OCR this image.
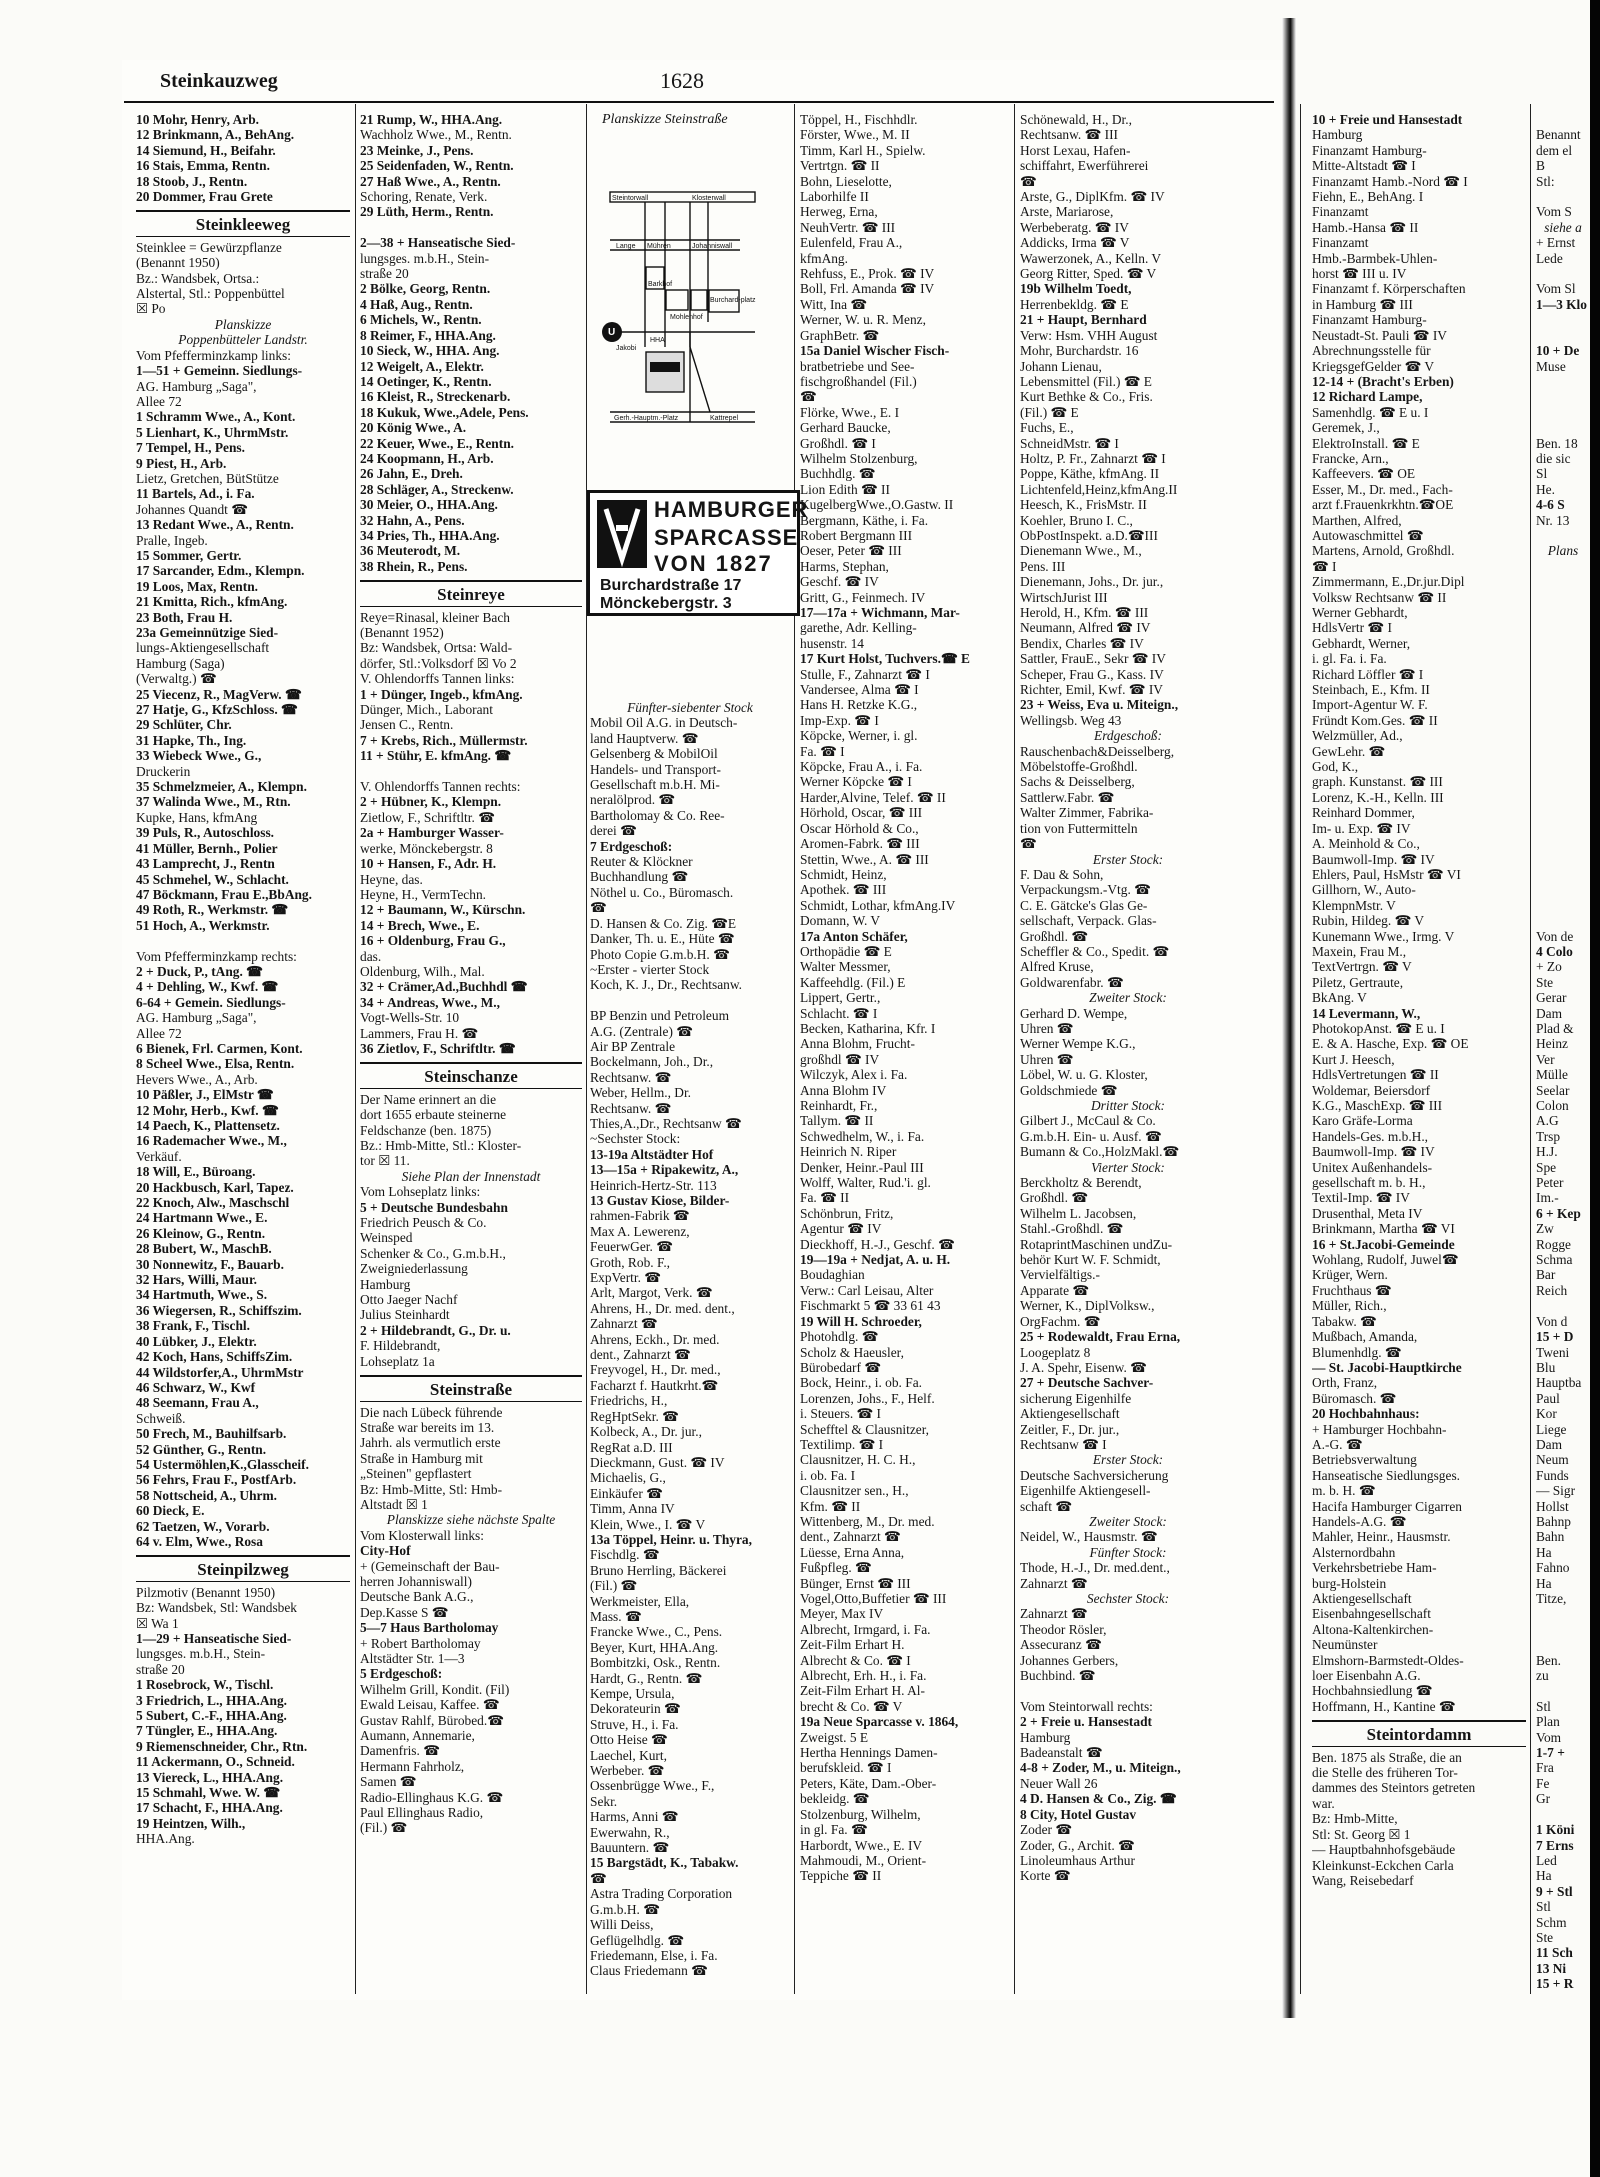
Steinkauzweg	1628
10 Mohr, Henry, Arb.
12 Brinkmann, A., BehAng.
14 Siemund, H., Beifahr.
16 Stais, Emma, Rentn.
18 Stoob, J., Rentn.
20 Dommer, Frau Grete
Steinkleeweg
Steinklee = Gewürzpflanze
(Benannt 1950)
Bz.: Wandsbek, Ortsa.:
Alstertal, Stl.: Poppenbüttel
☒ Po
Planskizze
Poppenbütteler Landstr.
Vom Pfefferminzkamp links:
1—51 + Gemeinn. Siedlungs-
AG. Hamburg „Saga",
Allee 72
1 Schramm Wwe., A., Kont.
5 Lienhart, K., UhrmMstr.
7 Tempel, H., Pens.
9 Piest, H., Arb.
Lietz, Gretchen, BütStütze
11 Bartels, Ad., i. Fa.
Johannes Quandt ☎
13 Redant Wwe., A., Rentn.
Pralle, Ingeb.
15 Sommer, Gertr.
17 Sarcander, Edm., Klempn.
19 Loos, Max, Rentn.
21 Kmitta, Rich., kfmAng.
23 Both, Frau H.
23a Gemeinnützige Sied-
lungs-Aktiengesellschaft
Hamburg (Saga)
(Verwaltg.) ☎
25 Viecenz, R., MagVerw. ☎
27 Hatje, G., KfzSchloss. ☎
29 Schlüter, Chr.
31 Hapke, Th., Ing.
33 Wiebeck Wwe., G.,
Druckerin
35 Schmelzmeier, A., Klempn.
37 Walinda Wwe., M., Rtn.
Kupke, Hans, kfmAng
39 Puls, R., Autoschloss.
41 Müller, Bernh., Polier
43 Lamprecht, J., Rentn
45 Schmehel, W., Schlacht.
47 Böckmann, Frau E.,BbAng.
49 Roth, R., Werkmstr. ☎
51 Hoch, A., Werkmstr.

Vom Pfefferminzkamp rechts:
2 + Duck, P., tAng. ☎
4 + Dehling, W., Kwf. ☎
6-64 + Gemein. Siedlungs-
AG. Hamburg „Saga",
Allee 72
6 Bienek, Frl. Carmen, Kont.
8 Scheel Wwe., Elsa, Rentn.
Hevers Wwe., A., Arb.
10 Päßler, J., ElMstr ☎
12 Mohr, Herb., Kwf. ☎
14 Paech, K., Plattensetz.
16 Rademacher Wwe., M.,
Verkäuf.
18 Will, E., Büroang.
20 Hackbusch, Karl, Tapez.
22 Knoch, Alw., Maschschl
24 Hartmann Wwe., E.
26 Kleinow, G., Rentn.
28 Bubert, W., MaschB.
30 Nonnewitz, F., Bauarb.
32 Hars, Willi, Maur.
34 Hartmuth, Wwe., S.
36 Wiegersen, R., Schiffszim.
38 Frank, F., Tischl.
40 Lübker, J., Elektr.
42 Koch, Hans, SchiffsZim.
44 Wildstorfer,A., UhrmMstr
46 Schwarz, W., Kwf
48 Seemann, Frau A.,
Schweiß.
50 Frech, M., Bauhilfsarb.
52 Günther, G., Rentn.
54 Ustermöhlen,K.,Glasscheif.
56 Fehrs, Frau F., PostfArb.
58 Nottscheid, A., Uhrm.
60 Dieck, E.
62 Taetzen, W., Vorarb.
64 v. Elm, Wwe., Rosa
Steinpilzweg
Pilzmotiv (Benannt 1950)
Bz: Wandsbek, Stl: Wandsbek
☒ Wa 1
1—29 + Hanseatische Sied-
lungsges. m.b.H., Stein-
straße 20
1 Rosebrock, W., Tischl.
3 Friedrich, L., HHA.Ang.
5 Subert, C.-F., HHA.Ang.
7 Tüngler, E., HHA.Ang.
9 Riemenschneider, Chr., Rtn.
11 Ackermann, O., Schneid.
13 Viereck, L., HHA.Ang.
15 Schmahl, Wwe. W. ☎
17 Schacht, F., HHA.Ang.
19 Heintzen, Wilh.,
HHA.Ang.
21 Rump, W., HHA.Ang.
Wachholz Wwe., M., Rentn.
23 Meinke, J., Pens.
25 Seidenfaden, W., Rentn.
27 Haß Wwe., A., Rentn.
Schoring, Renate, Verk.
29 Lüth, Herm., Rentn.

2—38 + Hanseatische Sied-
lungsges. m.b.H., Stein-
straße 20
2 Bölke, Georg, Rentn.
4 Haß, Aug., Rentn.
6 Michels, W., Rentn.
8 Reimer, F., HHA.Ang.
10 Sieck, W., HHA. Ang.
12 Weigelt, A., Elektr.
14 Oetinger, K., Rentn.
16 Kleist, R., Streckenarb.
18 Kukuk, Wwe.,Adele, Pens.
20 König Wwe., A.
22 Keuer, Wwe., E., Rentn.
24 Koopmann, H., Arb.
26 Jahn, E., Dreh.
28 Schläger, A., Streckenw.
30 Meier, O., HHA.Ang.
32 Hahn, A., Pens.
34 Pries, Th., HHA.Ang.
36 Meuterodt, M.
38 Rhein, R., Pens.
Steinreye
Reye=Rinasal, kleiner Bach
(Benannt 1952)
Bz: Wandsbek, Ortsa: Wald-
dörfer, Stl.:Volksdorf ☒ Vo 2
V. Ohlendorffs Tannen links:
1 + Dünger, Ingeb., kfmAng.
Dünger, Mich., Laborant
Jensen C., Rentn.
7 + Krebs, Rich., Müllermstr.
11 + Stühr, E. kfmAng. ☎

V. Ohlendorffs Tannen rechts:
2 + Hübner, K., Klempn.
Zietlow, F., Schriftltr. ☎
2a + Hamburger Wasser-
werke, Mönckebergstr. 8
10 + Hansen, F., Adr. H.
Heyne, das.
Heyne, H., VermTechn.
12 + Baumann, W., Kürschn.
14 + Brech, Wwe., E.
16 + Oldenburg, Frau G.,
das.
Oldenburg, Wilh., Mal.
32 + Crämer,Ad.,Buchhdl ☎
34 + Andreas, Wwe., M.,
Vogt-Wells-Str. 10
Lammers, Frau H. ☎
36 Zietlov, F., Schriftltr. ☎
Steinschanze
Der Name erinnert an die
dort 1655 erbaute steinerne
Feldschanze (ben. 1875)
Bz.: Hmb-Mitte, Stl.: Kloster-
tor ☒ 11.
Siehe Plan der Innenstadt
Vom Lohseplatz links:
5 + Deutsche Bundesbahn
Friedrich Peusch & Co.
Weinsped
Schenker & Co., G.m.b.H.,
Zweigniederlassung
Hamburg
Otto Jaeger Nachf
Julius Steinhardt
2 + Hildebrandt, G., Dr. u.
F. Hildebrandt,
Lohseplatz 1a
Steinstraße
Die nach Lübeck führende
Straße war bereits im 13.
Jahrh. als vermutlich erste
Straße in Hamburg mit
„Steinen" gepflastert
Bz: Hmb-Mitte, Stl: Hmb-
Altstadt ☒ 1
Planskizze siehe nächste Spalte
Vom Klosterwall links:
City-Hof
+ (Gemeinschaft der Bau-
herren Johanniswall)
Deutsche Bank A.G.,
Dep.Kasse S ☎
5—7 Haus Bartholomay
+ Robert Bartholomay
Altstädter Str. 1—3
5 Erdgeschoß:
Wilhelm Grill, Kondit. (Fil)
Ewald Leisau, Kaffee. ☎
Gustav Rahlf, Bürobed.☎
Aumann, Annemarie,
Damenfris. ☎
Hermann Fahrholz,
Samen ☎
Radio-Ellinghaus K.G. ☎
Paul Ellinghaus Radio,
(Fil.) ☎
Fünfter-siebenter Stock
Mobil Oil A.G. in Deutsch-
land Hauptverw. ☎
Gelsenberg & MobilOil
Handels- und Transport-
Gesellschaft m.b.H. Mi-
neralölprod. ☎
Bartholomay & Co. Ree-
derei ☎
7 Erdgeschoß:
Reuter & Klöckner
Buchhandlung ☎
Nöthel u. Co., Büromasch.
☎
D. Hansen & Co. Zig. ☎E
Danker, Th. u. E., Hüte ☎
Photo Copie G.m.b.H. ☎
~Erster - vierter Stock
Koch, K. J., Dr., Rechtsanw.

BP Benzin und Petroleum
A.G. (Zentrale) ☎
Air BP Zentrale
Bockelmann, Joh., Dr.,
Rechtsanw. ☎
Weber, Hellm., Dr.
Rechtsanw. ☎
Thies,A.,Dr., Rechtsanw ☎
~Sechster Stock:
13-19a Altstädter Hof
13—15a + Ripakewitz, A.,
Heinrich-Hertz-Str. 113
13 Gustav Kiose, Bilder-
rahmen-Fabrik ☎
Max A. Lewerenz,
FeuerwGer. ☎
Groth, Rob. F.,
ExpVertr. ☎
Arlt, Margot, Verk. ☎
Ahrens, H., Dr. med. dent.,
Zahnarzt ☎
Ahrens, Eckh., Dr. med.
dent., Zahnarzt ☎
Freyvogel, H., Dr. med.,
Facharzt f. Hautkrht.☎
Friedrichs, H.,
RegHptSekr. ☎
Kolbeck, A., Dr. jur.,
RegRat a.D. III
Dieckmann, Gust. ☎ IV
Michaelis, G.,
Einkäufer ☎
Timm, Anna IV
Klein, Wwe., I. ☎ V
13a Töppel, Heinr. u. Thyra,
Fischdlg. ☎
Bruno Herrling, Bäckerei
(Fil.) ☎
Werkmeister, Ella,
Mass. ☎
Francke Wwe., C., Pens.
Beyer, Kurt, HHA.Ang.
Bombitzki, Osk., Rentn.
Hardt, G., Rentn. ☎
Kempe, Ursula,
Dekorateurin ☎
Struve, H., i. Fa.
Otto Heise ☎
Laechel, Kurt,
Werbeber. ☎
Ossenbrügge Wwe., F.,
Sekr.
Harms, Anni ☎
Ewerwahn, R.,
Bauuntern. ☎
15 Bargstädt, K., Tabakw.
☎
Astra Trading Corporation
G.m.b.H. ☎
Willi Deiss,
Geflügelhdlg. ☎
Friedemann, Else, i. Fa.
Claus Friedemann ☎
Töppel, H., Fischhdlr.
Förster, Wwe., M. II
Timm, Karl H., Spielw.
Vertrtgn. ☎ II
Bohn, Lieselotte,
Laborhilfe II
Herweg, Erna,
NeuhVertr. ☎ III
Eulenfeld, Frau A.,
kfmAng.
Rehfuss, E., Prok. ☎ IV
Boll, Frl. Amanda ☎ IV
Witt, Ina ☎
Werner, W. u. R. Menz,
GraphBetr. ☎
15a Daniel Wischer Fisch-
bratbetriebe und See-
fischgroßhandel (Fil.)
☎
Flörke, Wwe., E. I
Gerhard Baucke,
Großhdl. ☎ I
Wilhelm Stolzenburg,
Buchhdlg. ☎
Lion Edith ☎ II
KugelbergWwe.,O.Gastw. II
Bergmann, Käthe, i. Fa.
Robert Bergmann III
Oeser, Peter ☎ III
Harms, Stephan,
Geschf. ☎ IV
Gritt, G., Feinmech. IV
17—17a + Wichmann, Mar-
garethe, Adr. Kelling-
husenstr. 14
17 Kurt Holst, Tuchvers.☎ E
Stulle, F., Zahnarzt ☎ I
Vandersee, Alma ☎ I
Hans H. Retzke K.G.,
Imp-Exp. ☎ I
Köpcke, Werner, i. gl.
Fa. ☎ I
Köpcke, Frau A., i. Fa.
Werner Köpcke ☎ I
Harder,Alvine, Telef. ☎ II
Hörhold, Oscar, ☎ III
Oscar Hörhold & Co.,
Aromen-Fabrk. ☎ III
Stettin, Wwe., A. ☎ III
Schmidt, Heinz,
Apothek. ☎ III
Schmidt, Lothar, kfmAng.IV
Domann, W. V
17a Anton Schäfer,
Orthopädie ☎ E
Walter Messmer,
Kaffeehdlg. (Fil.) E
Lippert, Gertr.,
Schlacht. ☎ I
Becken, Katharina, Kfr. I
Anna Blohm, Frucht-
großhdl ☎ IV
Wilczyk, Alex i. Fa.
Anna Blohm IV
Reinhardt, Fr.,
Tallym. ☎ II
Schwedhelm, W., i. Fa.
Heinrich N. Riper
Denker, Heinr.-Paul III
Wolff, Walter, Rud.'i. gl.
Fa. ☎ II
Schönbrun, Fritz,
Agentur ☎ IV
Dieckhoff, H.-J., Geschf. ☎
19—19a + Nedjat, A. u. H.
Boudaghian
Verw.: Carl Leisau, Alter
Fischmarkt 5 ☎ 33 61 43
19 Will H. Schroeder,
Photohdlg. ☎
Scholz & Haeusler,
Bürobedarf ☎
Bock, Heinr., i. ob. Fa.
Lorenzen, Johs., F., Helf.
i. Steuers. ☎ I
Schefftel & Clausnitzer,
Textilimp. ☎ I
Clausnitzer, H. C. H.,
i. ob. Fa. I
Clausnitzer sen., H.,
Kfm. ☎ II
Wittenberg, M., Dr. med.
dent., Zahnarzt ☎
Lüesse, Erna Anna,
Fußpfleg. ☎
Bünger, Ernst ☎ III
Vogel,Otto,Buffetier ☎ III
Meyer, Max IV
Albrecht, Irmgard, i. Fa.
Zeit-Film Erhart H.
Albrecht & Co. ☎ I
Albrecht, Erh. H., i. Fa.
Zeit-Film Erhart H. Al-
brecht & Co. ☎ V
19a Neue Sparcasse v. 1864,
Zweigst. 5 E
Hertha Hennings Damen-
berufskleid. ☎ I
Peters, Käte, Dam.-Ober-
bekleidg. ☎
Stolzenburg, Wilhelm,
in gl. Fa. ☎
Harbordt, Wwe., E. IV
Mahmoudi, M., Orient-
Teppiche ☎ II
Schönewald, H., Dr.,
Rechtsanw. ☎ III
Horst Lexau, Hafen-
schiffahrt, Ewerführerei
☎
Arste, G., DiplKfm. ☎ IV
Arste, Mariarose,
Werbeberatg. ☎ IV
Addicks, Irma ☎ V
Wawerzonek, A., Kelln. V
Georg Ritter, Sped. ☎ V
19b Wilhelm Toedt,
Herrenbekldg. ☎ E
21 + Haupt, Bernhard
Verw: Hsm. VHH August
Mohr, Burchardstr. 16
Johann Lienau,
Lebensmittel (Fil.) ☎ E
Kurt Bethke & Co., Fris.
(Fil.) ☎ E
Fuchs, E.,
SchneidMstr. ☎ I
Holtz, P. Fr., Zahnarzt ☎ I
Poppe, Käthe, kfmAng. II
Lichtenfeld,Heinz,kfmAng.II
Heesch, K., FrisMstr. II
Koehler, Bruno I. C.,
ObPostInspekt. a.D.☎III
Dienemann Wwe., M.,
Pens. III
Dienemann, Johs., Dr. jur.,
WirtschJurist III
Herold, H., Kfm. ☎ III
Neumann, Alfred ☎ IV
Bendix, Charles ☎ IV
Sattler, FrauE., Sekr ☎ IV
Scheper, Frau G., Kass. IV
Richter, Emil, Kwf. ☎ IV
23 + Weiss, Eva u. Miteign.,
Wellingsb. Weg 43
Erdgeschoß:
Rauschenbach&Deisselberg,
Möbelstoffe-Großhdl.
Sachs & Deisselberg,
Sattlerw.Fabr. ☎
Walter Zimmer, Fabrika-
tion von Futtermitteln
☎
Erster Stock:
F. Dau & Sohn,
Verpackungsm.-Vtg. ☎
C. E. Gätcke's Glas Ge-
sellschaft, Verpack. Glas-
Großhdl. ☎
Scheffler & Co., Spedit. ☎
Alfred Kruse,
Goldwarenfabr. ☎
Zweiter Stock:
Gerhard D. Wempe,
Uhren ☎
Werner Wempe K.G.,
Uhren ☎
Löbel, W. u. G. Kloster,
Goldschmiede ☎
Dritter Stock:
Gilbert J., McCaul & Co.
G.m.b.H. Ein- u. Ausf. ☎
Bumann & Co.,HolzMakl.☎
Vierter Stock:
Berckholtz & Berendt,
Großhdl. ☎
Wilhelm L. Jacobsen,
Stahl.-Großhdl. ☎
RotaprintMaschinen undZu-
behör Kurt W. F. Schmidt,
Vervielfältigs.-
Apparate ☎
Werner, K., DiplVolksw.,
OrgFachm. ☎
25 + Rodewaldt, Frau Erna,
Loogeplatz 8
J. A. Spehr, Eisenw. ☎
27 + Deutsche Sachver-
sicherung Eigenhilfe
Aktiengesellschaft
Zeitler, F., Dr. jur.,
Rechtsanw ☎ I
Erster Stock:
Deutsche Sachversicherung
Eigenhilfe Aktiengesell-
schaft ☎
Zweiter Stock:
Neidel, W., Hausmstr. ☎
Fünfter Stock:
Thode, H.-J., Dr. med.dent.,
Zahnarzt ☎
Sechster Stock:
Zahnarzt ☎
Theodor Rösler,
Assecuranz ☎
Johannes Gerbers,
Buchbind. ☎

Vom Steintorwall rechts:
2 + Freie u. Hansestadt
Hamburg
Badeanstalt ☎
4-8 + Zoder, M., u. Miteign.,
Neuer Wall 26
4 D. Hansen & Co., Zig. ☎
8 City, Hotel Gustav
Zoder ☎
Zoder, G., Archit. ☎
Linoleumhaus Arthur
Korte ☎
10 + Freie und Hansestadt
Hamburg
Finanzamt Hamburg-
Mitte-Altstadt ☎ I
Finanzamt Hamb.-Nord ☎ I
Fiehn, E., BehAng. I
Finanzamt
Hamb.-Hansa ☎ II
Finanzamt
Hmb.-Barmbek-Uhlen-
horst ☎ III u. IV
Finanzamt f. Körperschaften
in Hamburg ☎ III
Finanzamt Hamburg-
Neustadt-St. Pauli ☎ IV
Abrechnungsstelle für
KriegsgefGelder ☎ V
12-14 + (Bracht's Erben)
12 Richard Lampe,
Samenhdlg. ☎ E u. I
Geremek, J.,
ElektroInstall. ☎ E
Francke, Arn.,
Kaffeevers. ☎ OE
Esser, M., Dr. med., Fach-
arzt f.Frauenkrkhtn.☎OE
Marthen, Alfred,
Autowaschmittel ☎
Martens, Arnold, Großhdl.
☎ I
Zimmermann, E.,Dr.jur.Dipl
Volksw Rechtsanw ☎ II
Werner Gebhardt,
HdlsVertr ☎ I
Gebhardt, Werner,
i. gl. Fa. i. Fa.
Richard Löffler ☎ I
Steinbach, E., Kfm. II
Import-Agentur W. F.
Fründt Kom.Ges. ☎ II
Welzmüller, Ad.,
GewLehr. ☎
God, K.,
graph. Kunstanst. ☎ III
Lorenz, K.-H., Kelln. III
Reinhard Dommer,
Im- u. Exp. ☎ IV
A. Meinhold & Co.,
Baumwoll-Imp. ☎ IV
Ehlers, Paul, HsMstr ☎ VI
Gillhorn, W., Auto-
KlempnMstr. V
Rubin, Hildeg. ☎ V
Kunemann Wwe., Irmg. V
Maxein, Frau M.,
TextVertrgn. ☎ V
Piletz, Gertraute,
BkAng. V
14 Levermann, W.,
PhotokopAnst. ☎ E u. I
E. & A. Hasche, Exp. ☎ OE
Kurt J. Heesch,
HdlsVertretungen ☎ II
Woldemar, Beiersdorf
K.G., MaschExp. ☎ III
Karo Gräfe-Lorma
Handels-Ges. m.b.H.,
Baumwoll-Imp. ☎ IV
Unitex Außenhandels-
gesellschaft m. b. H.,
Textil-Imp. ☎ IV
Drusenthal, Meta IV
Brinkmann, Martha ☎ VI
16 + St.Jacobi-Gemeinde
Wohlang, Rudolf, Juwel☎
Krüger, Wern.
Fruchthaus ☎
Müller, Rich.,
Tabakw. ☎
Mußbach, Amanda,
Blumenhdlg. ☎
— St. Jacobi-Hauptkirche
Orth, Franz,
Büromasch. ☎
20 Hochbahnhaus:
+ Hamburger Hochbahn-
A.-G. ☎
Betriebsverwaltung
Hanseatische Siedlungsges.
m. b. H. ☎
Hacifa Hamburger Cigarren
Handels-A.G. ☎
Mahler, Heinr., Hausmstr.
Alsternordbahn
Verkehrsbetriebe Ham-
burg-Holstein
Aktiengesellschaft
Eisenbahngesellschaft
Altona-Kaltenkirchen-
Neumünster
Elmshorn-Barmstedt-Oldes-
loer Eisenbahn A.G.
Hochbahnsiedlung ☎
Hoffmann, H., Kantine ☎
Steintordamm
Ben. 1875 als Straße, die an
die Stelle des früheren Tor-
dammes des Steintors getreten
war.
Bz: Hmb-Mitte,
Stl: St. Georg ☒ 1
— Hauptbahnhofsgebäude
Kleinkunst-Eckchen Carla
Wang, Reisebedarf

Benannt
dem el
B
Stl:

Vom S
siehe a
+ Ernst
Lede

Vom Sl
1—3 Klo

10 + De
Muse

Ben. 18
die sic
Sl
He.
4-6 S
Nr. 13

Plans

Von de
4 Colo
+ Zo
Ste
Gerar
Dam
Plad &
Heinz
Ver
Mülle
Seelar
Colon
A.G
Trsp
H.J.
Spe
Peter
Im.-
6 + Kep
Zw
Rogge
Schma
Bar
Reich

Von d
15 + D
Tweni
Blu
Hauptba
Paul
Kor
Liege
Dam
Neum
Funds
— Sigr
Hollst
Bahnp
Bahn
Ha
Fahno
Ha
Titze,

Ben.
zu

Stl
Plan
Vom
1-7 +
Fra
Fe
Gr

1 Köni
7 Erns
Led
Ha
9 + Stl
Stl
Schm
Ste
11 Sch
13 Ni
15 + R
Planskizze Steinstraße
Steintorwall	Klosterwall
Lange Mühren	Johanniswall
Barkhof
Mohlenhof
Burchard-platz
Jakobi
HHA
Gerh.-Hauptm.-Platz	Kattrepel
U
HAMBURGER
SPARCASSE
VON 1827
Burchardstraße 17
Mönckebergstr. 3
